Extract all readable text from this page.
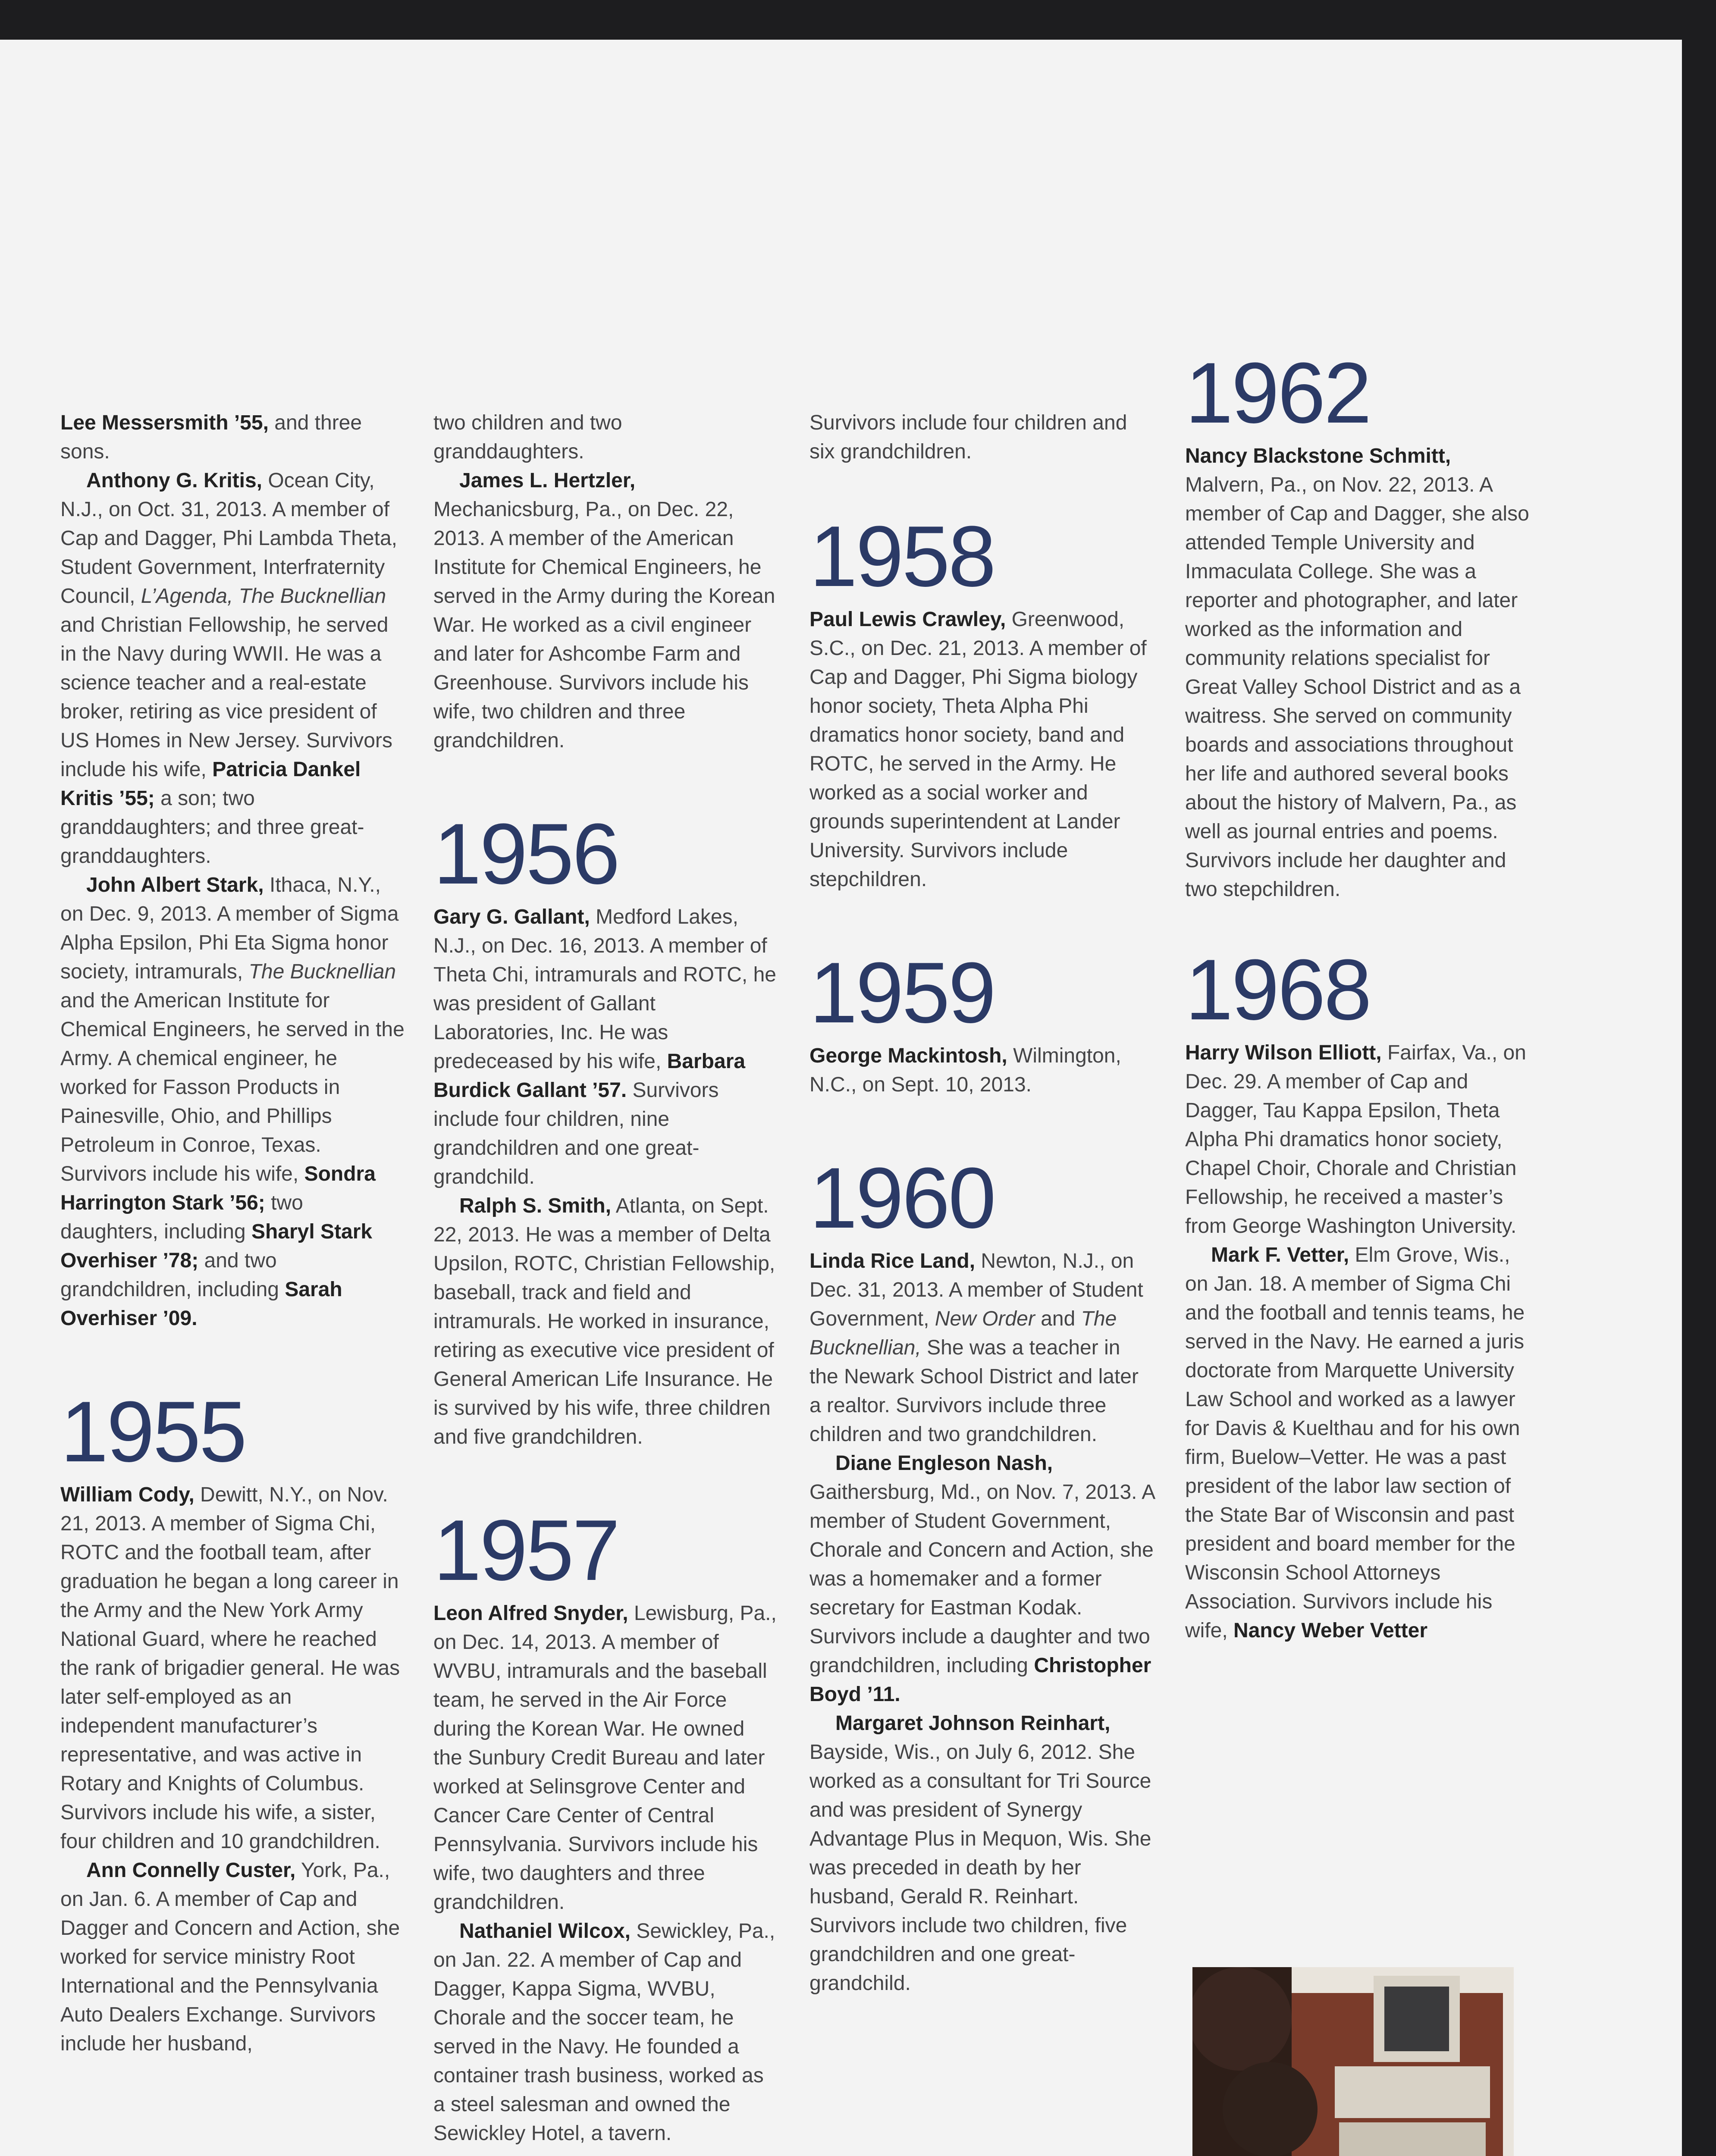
Lee Messersmith ’55, and three sons.

Anthony G. Kritis, Ocean City, N.J., on Oct. 31, 2013. A member of Cap and Dagger, Phi Lambda Theta, Student Government, Interfraternity Council, L’Agenda, The Bucknellian and Christian Fellowship, he served in the Navy during WWII. He was a science teacher and a real-estate broker, retiring as vice president of US Homes in New Jersey. Survivors include his wife, Patricia Dankel Kritis ’55; a son; two granddaughters; and three great-granddaughters.

John Albert Stark, Ithaca, N.Y., on Dec. 9, 2013. A member of Sigma Alpha Epsilon, Phi Eta Sigma honor society, intramurals, The Bucknellian and the American Institute for Chemical Engineers, he served in the Army. A chemical engineer, he worked for Fasson Products in Painesville, Ohio, and Phillips Petroleum in Conroe, Texas. Survivors include his wife, Sondra Harrington Stark ’56; two daughters, including Sharyl Stark Overhiser ’78; and two grandchildren, including Sarah Overhiser ’09.

1955

William Cody, Dewitt, N.Y., on Nov. 21, 2013. A member of Sigma Chi, ROTC and the football team, after graduation he began a long career in the Army and the New York Army National Guard, where he reached the rank of brigadier general. He was later self-employed as an independent manufacturer’s representative, and was active in Rotary and Knights of Columbus. Survivors include his wife, a sister, four children and 10 grandchildren.

Ann Connelly Custer, York, Pa., on Jan. 6. A member of Cap and Dagger and Concern and Action, she worked for service ministry Root International and the Pennsylvania Auto Dealers Exchange. Survivors include her husband,

two children and two granddaughters.

James L. Hertzler, Mechanicsburg, Pa., on Dec. 22, 2013. A member of the American Institute for Chemical Engineers, he served in the Army during the Korean War. He worked as a civil engineer and later for Ashcombe Farm and Greenhouse. Survivors include his wife, two children and three grandchildren.

1956

Gary G. Gallant, Medford Lakes, N.J., on Dec. 16, 2013. A member of Theta Chi, intramurals and ROTC, he was president of Gallant Laboratories, Inc. He was predeceased by his wife, Barbara Burdick Gallant ’57. Survivors include four children, nine grandchildren and one great-grandchild.

Ralph S. Smith, Atlanta, on Sept. 22, 2013. He was a member of Delta Upsilon, ROTC, Christian Fellowship, baseball, track and field and intramurals. He worked in insurance, retiring as executive vice president of General American Life Insurance. He is survived by his wife, three children and five grandchildren.

1957

Leon Alfred Snyder, Lewisburg, Pa., on Dec. 14, 2013. A member of WVBU, intramurals and the baseball team, he served in the Air Force during the Korean War. He owned the Sunbury Credit Bureau and later worked at Selinsgrove Center and Cancer Care Center of Central Pennsylvania. Survivors include his wife, two daughters and three grandchildren.

Nathaniel Wilcox, Sewickley, Pa., on Jan. 22. A member of Cap and Dagger, Kappa Sigma, WVBU, Chorale and the soccer team, he served in the Navy. He founded a container trash business, worked as a steel salesman and owned the Sewickley Hotel, a tavern.

Survivors include four children and six grandchildren.

1958

Paul Lewis Crawley, Greenwood, S.C., on Dec. 21, 2013. A member of Cap and Dagger, Phi Sigma biology honor society, Theta Alpha Phi dramatics honor society, band and ROTC, he served in the Army. He worked as a social worker and grounds superintendent at Lander University. Survivors include stepchildren.

1959

George Mackintosh, Wilmington, N.C., on Sept. 10, 2013.

1960

Linda Rice Land, Newton, N.J., on Dec. 31, 2013. A member of Student Government, New Order and The Bucknellian, She was a teacher in the Newark School District and later a realtor. Survivors include three children and two grandchildren.

Diane Engleson Nash, Gaithersburg, Md., on Nov. 7, 2013. A member of Student Government, Chorale and Concern and Action, she was a homemaker and a former secretary for Eastman Kodak. Survivors include a daughter and two grandchildren, including Christopher Boyd ’11.

Margaret Johnson Reinhart, Bayside, Wis., on July 6, 2012. She worked as a consultant for Tri Source and was president of Synergy Advantage Plus in Mequon, Wis. She was preceded in death by her husband, Gerald R. Reinhart. Survivors include two children, five grandchildren and one great-grandchild.

1962

Nancy Blackstone Schmitt, Malvern, Pa., on Nov. 22, 2013. A member of Cap and Dagger, she also attended Temple University and Immaculata College. She was a reporter and photographer, and later worked as the information and community relations specialist for Great Valley School District and as a waitress. She served on community boards and associations throughout her life and authored several books about the history of Malvern, Pa., as well as journal entries and poems. Survivors include her daughter and two stepchildren.

1968

Harry Wilson Elliott, Fairfax, Va., on Dec. 29. A member of Cap and Dagger, Tau Kappa Epsilon, Theta Alpha Phi dramatics honor society, Chapel Choir, Chorale and Christian Fellowship, he received a master’s from George Washington University.

Mark F. Vetter, Elm Grove, Wis., on Jan. 18. A member of Sigma Chi and the football and tennis teams, he served in the Navy. He earned a juris doctorate from Marquette University Law School and worked as a lawyer for Davis & Kuelthau and for his own firm, Buelow–Vetter. He was a past president of the labor law section of the State Bar of Wisconsin and past president and board member for the Wisconsin School Attorneys Association. Survivors include his wife, Nancy Weber Vetter
